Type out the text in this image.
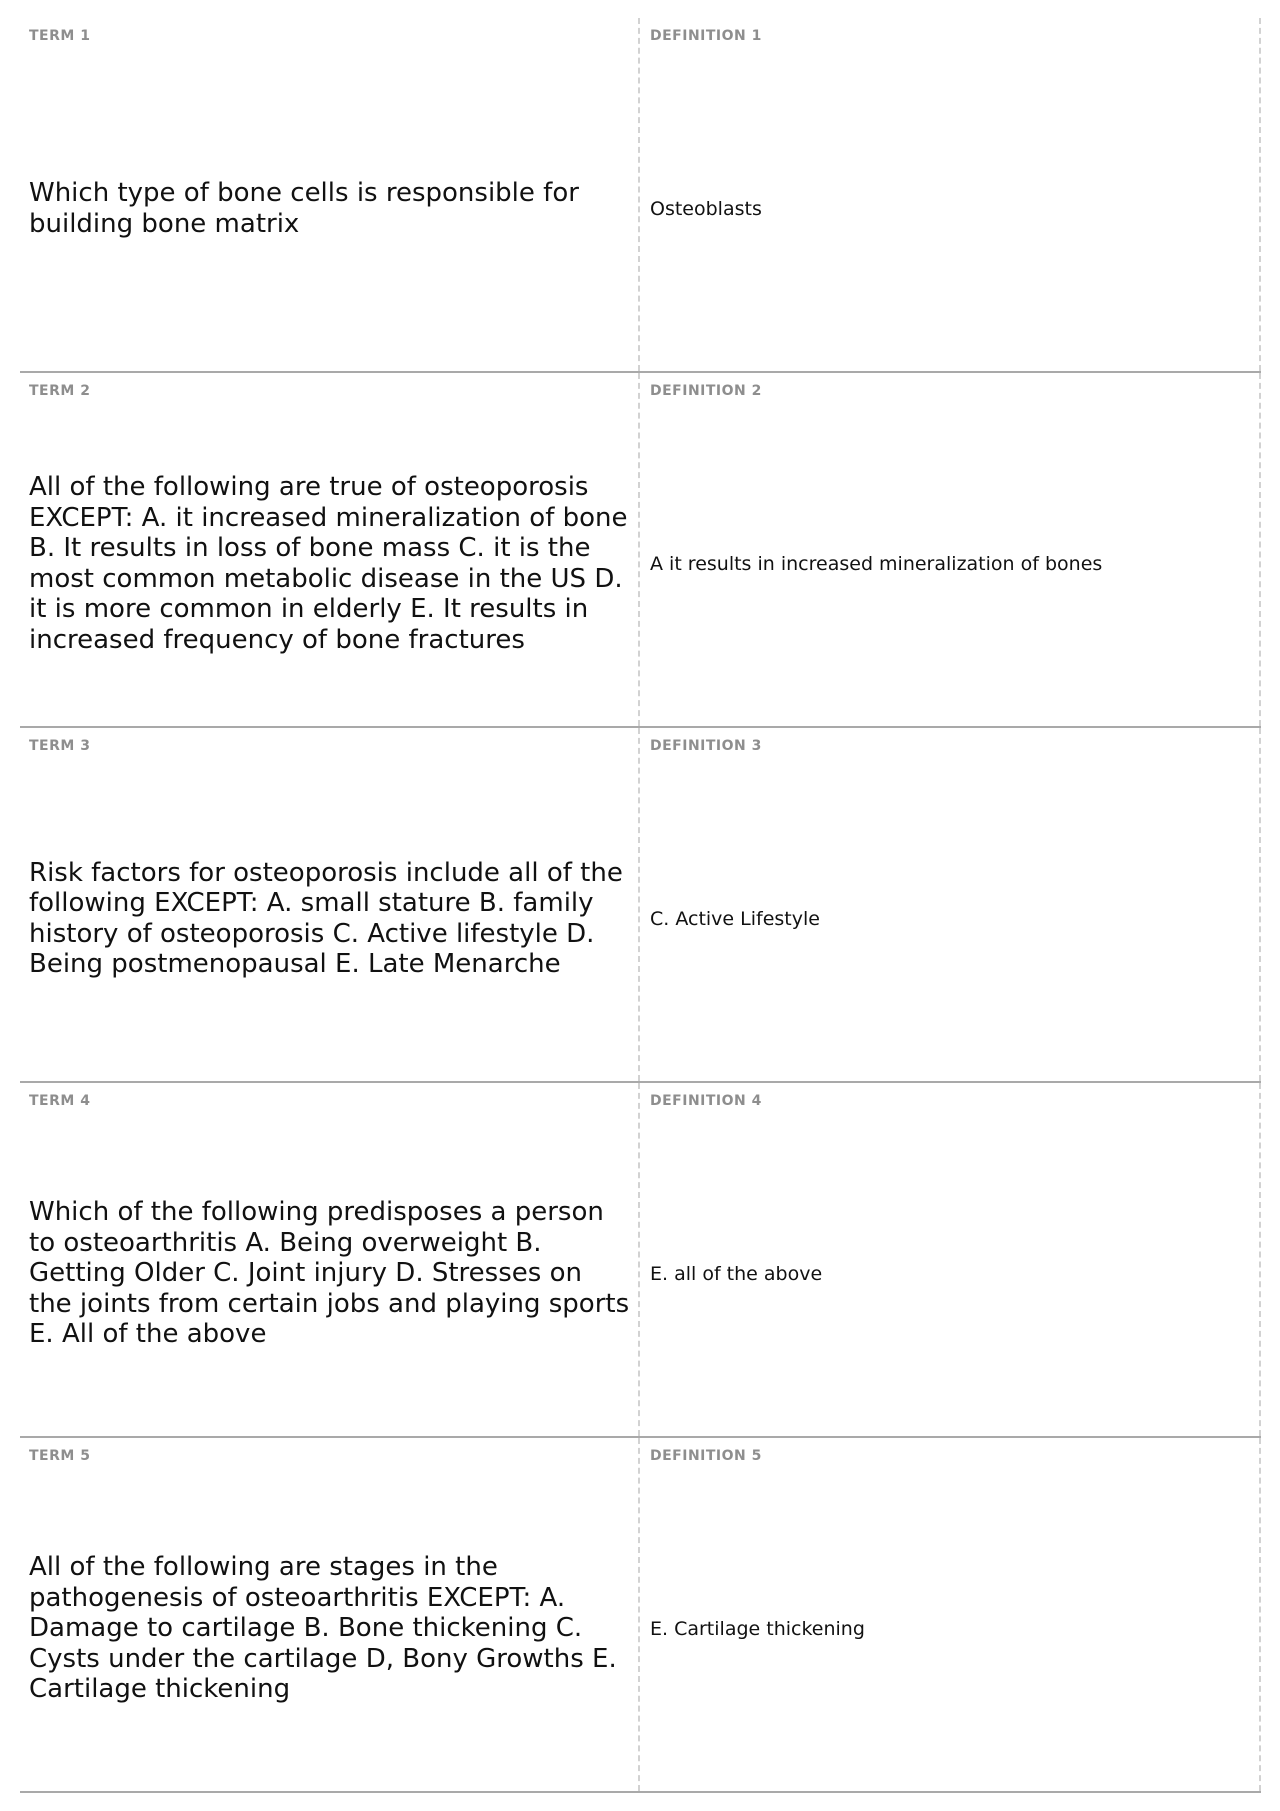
TERM 1
Which type of bone cells is responsible for building bone matrix
DEFINITION 1
Osteoblasts
TERM 2
All of the following are true of osteoporosis EXCEPT: A. it increased mineralization of bone B. It results in loss of bone mass C. it is the most common metabolic disease in the US D. it is more common in elderly E. It results in increased frequency of bone fractures
DEFINITION 2
A it results in increased mineralization of bones
TERM 3
Risk factors for osteoporosis include all of the following EXCEPT: A. small stature B. family history of osteoporosis C. Active lifestyle D. Being postmenopausal E. Late Menarche
DEFINITION 3
C. Active Lifestyle
TERM 4
Which of the following predisposes a person to osteoarthritis A. Being overweight B. Getting Older C. Joint injury D. Stresses on the joints from certain jobs and playing sports E. All of the above
DEFINITION 4
E. all of the above
TERM 5
All of the following are stages in the pathogenesis of osteoarthritis EXCEPT: A. Damage to cartilage B. Bone thickening C. Cysts under the cartilage D, Bony Growths E. Cartilage thickening
DEFINITION 5
E. Cartilage thickening
